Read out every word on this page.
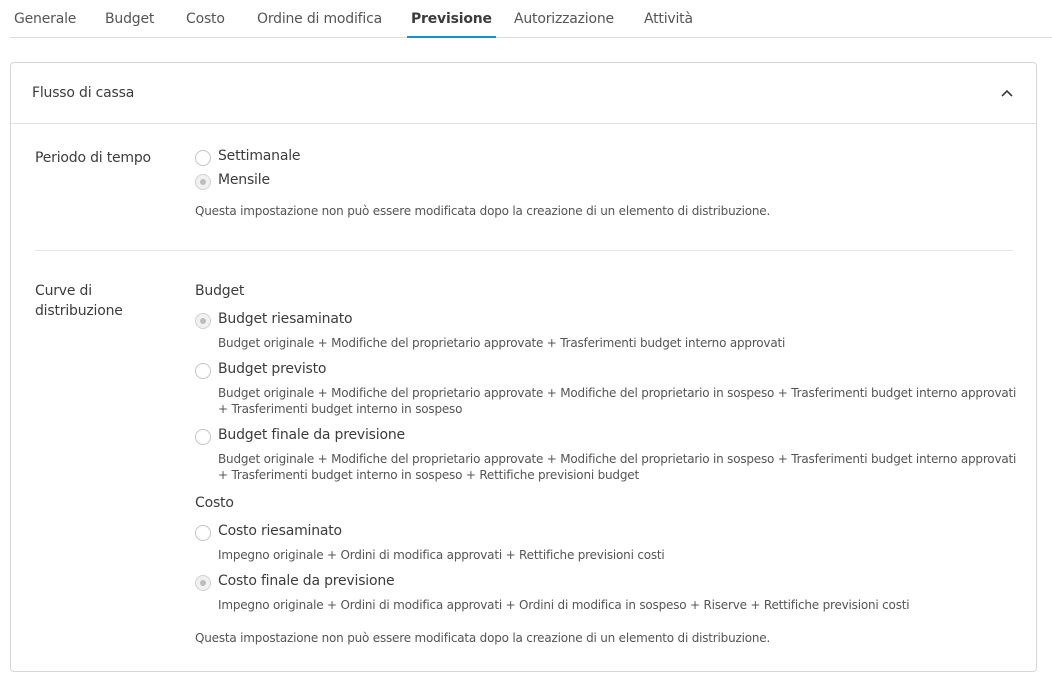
Generale Budget Costo Ordine di modifica Previsione Autorizzazione Attività
Flusso di cassa
Periodo di tempo	Settimanale
Mensile
Questa impostazione non può essere modificata dopo la creazione di un elemento di distribuzione.
Curve di
distribuzione
Budget
Budget riesaminato
Budget originale + Modifiche del proprietario approvate + Trasferimenti budget interno approvati
Budget previsto
Budget originale + Modifiche del proprietario approvate + Modifiche del proprietario in sospeso + Trasferimenti budget interno approvati + Trasferimenti budget interno in sospeso
Budget finale da previsione
Budget originale + Modifiche del proprietario approvate + Modifiche del proprietario in sospeso + Trasferimenti budget interno approvati + Trasferimenti budget interno in sospeso + Rettifiche previsioni budget
Costo
Costo riesaminato
Impegno originale + Ordini di modifica approvati + Rettifiche previsioni costi
Costo finale da previsione
Impegno originale + Ordini di modifica approvati + Ordini di modifica in sospeso + Riserve + Rettifiche previsioni costi
Questa impostazione non può essere modificata dopo la creazione di un elemento di distribuzione.
